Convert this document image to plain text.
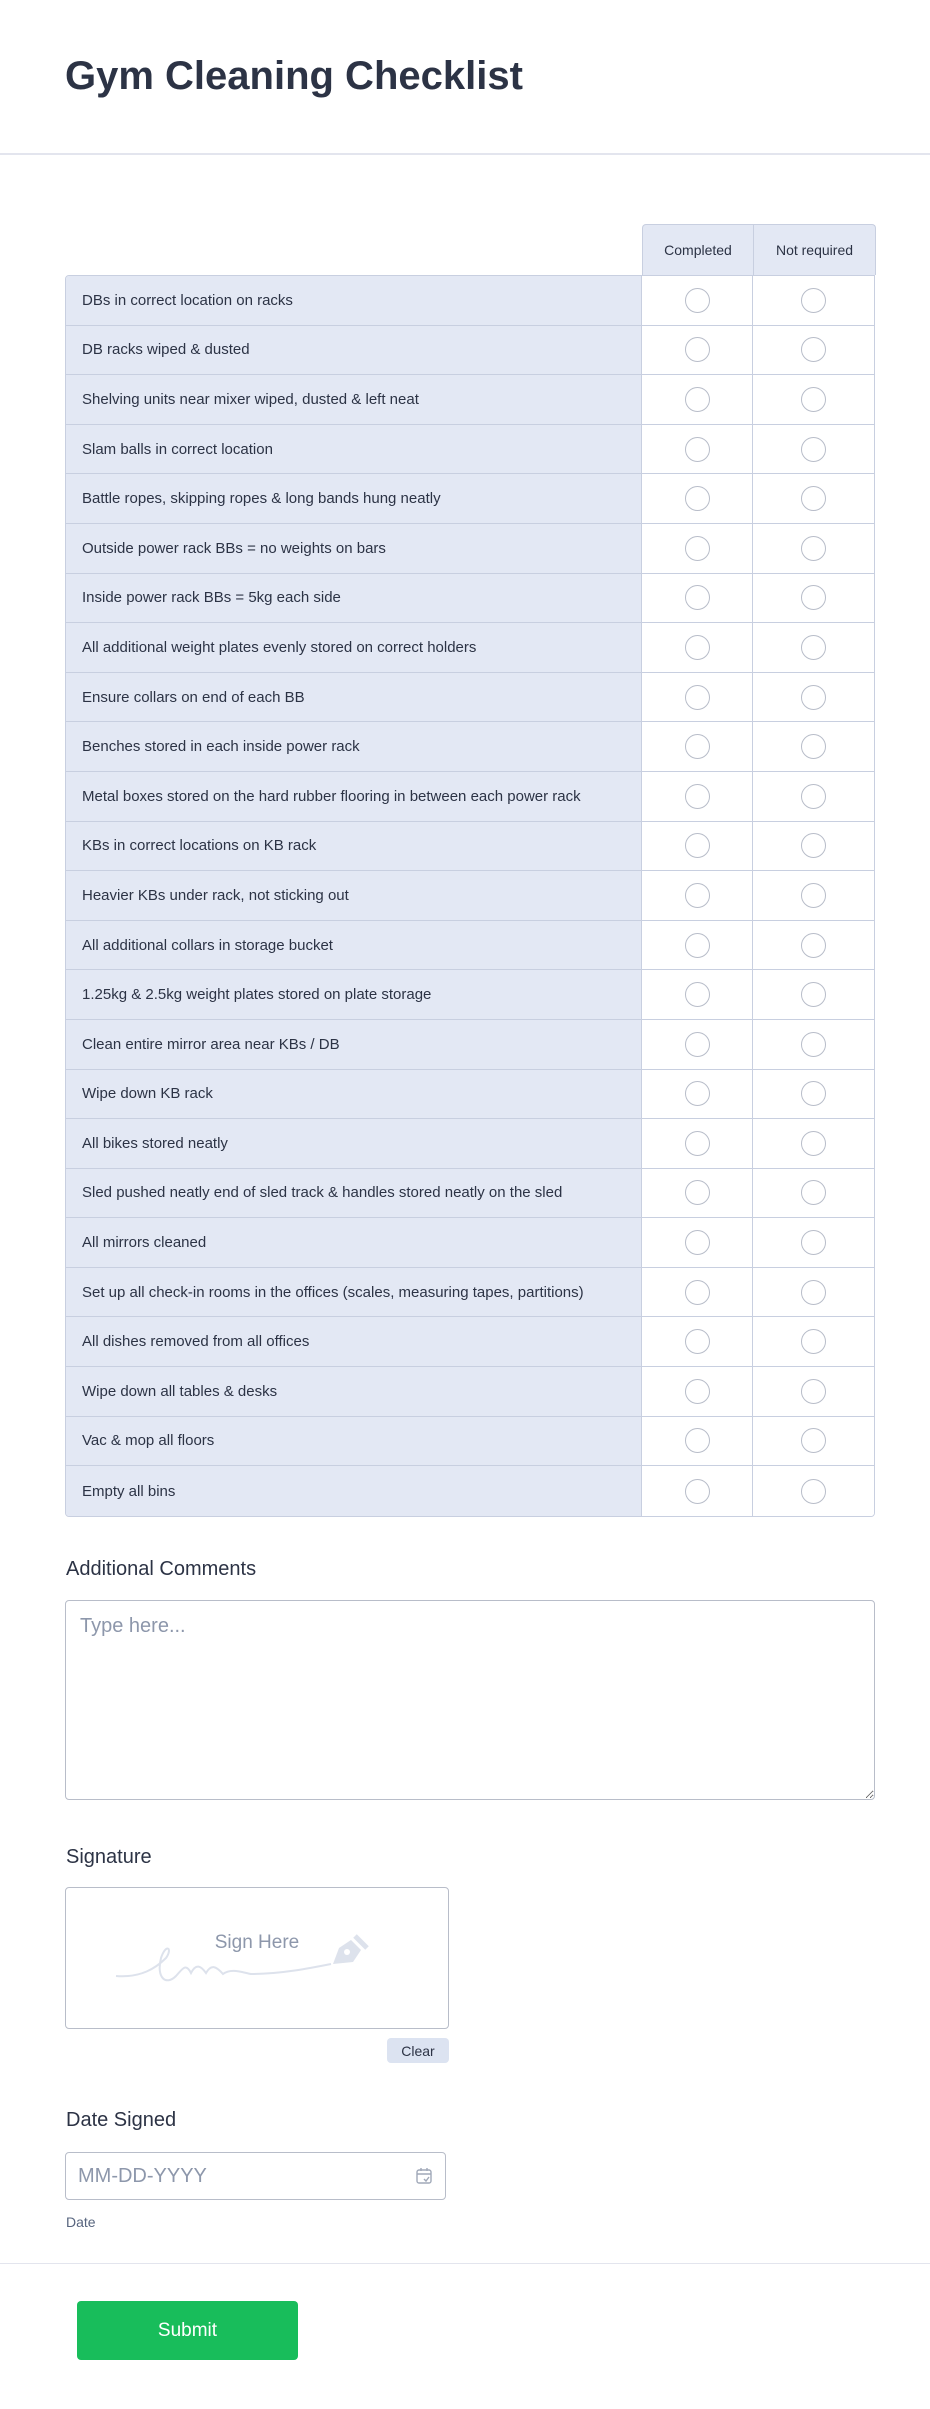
Gym Cleaning Checklist
Completed	Not required
DBs in correct location on racks
DB racks wiped & dusted
Shelving units near mixer wiped, dusted & left neat
Slam balls in correct location
Battle ropes, skipping ropes & long bands hung neatly
Outside power rack BBs = no weights on bars
Inside power rack BBs = 5kg each side
All additional weight plates evenly stored on correct holders
Ensure collars on end of each BB
Benches stored in each inside power rack
Metal boxes stored on the hard rubber flooring in between each power rack
KBs in correct locations on KB rack
Heavier KBs under rack, not sticking out
All additional collars in storage bucket
1.25kg & 2.5kg weight plates stored on plate storage
Clean entire mirror area near KBs / DB
Wipe down KB rack
All bikes stored neatly
Sled pushed neatly end of sled track & handles stored neatly on the sled
All mirrors cleaned
Set up all check-in rooms in the offices (scales, measuring tapes, partitions)
All dishes removed from all offices
Wipe down all tables & desks
Vac & mop all floors
Empty all bins
Additional Comments
Type here...
Signature
Sign Here
Clear
Date Signed
MM-DD-YYYY
Date
Submit
